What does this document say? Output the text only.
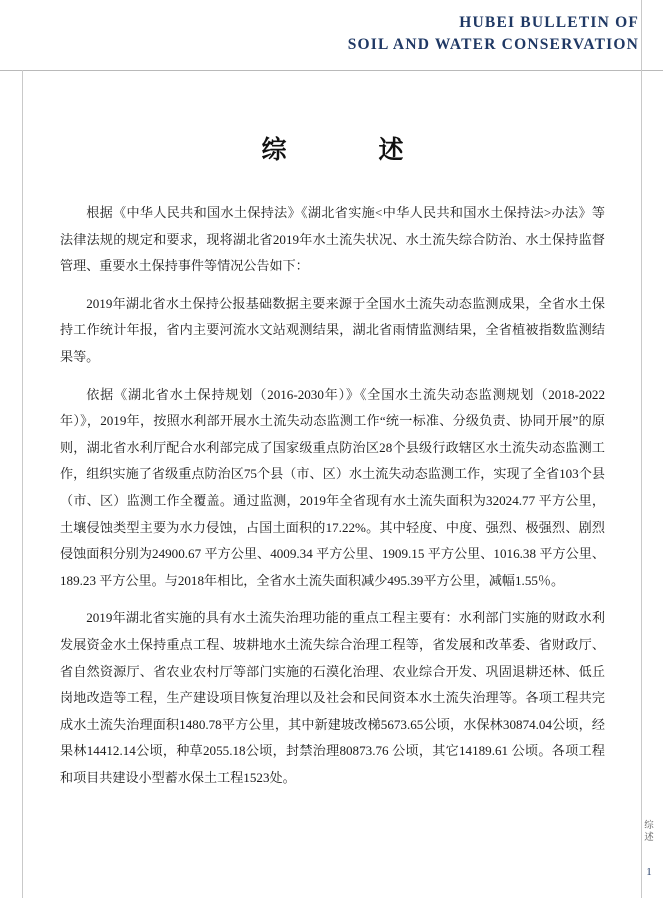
HUBEI BULLETIN OF
SOIL AND WATER CONSERVATION
综　　述

根据《中华人民共和国水土保持法》《湖北省实施<中华人民共和国水土保持法>办法》等法律法规的规定和要求，现将湖北省2019年水土流失状况、水土流失综合防治、水土保持监督管理、重要水土保持事件等情况公告如下：

2019年湖北省水土保持公报基础数据主要来源于全国水土流失动态监测成果，全省水土保持工作统计年报，省内主要河流水文站观测结果，湖北省雨情监测结果，全省植被指数监测结果等。

依据《湖北省水土保持规划（2016-2030年）》《全国水土流失动态监测规划（2018-2022年）》，2019年，按照水利部开展水土流失动态监测工作“统一标准、分级负责、协同开展”的原则，湖北省水利厅配合水利部完成了国家级重点防治区28个县级行政辖区水土流失动态监测工作，组织实施了省级重点防治区75个县（市、区）水土流失动态监测工作，实现了全省103个县（市、区）监测工作全覆盖。通过监测，2019年全省现有水土流失面积为32024.77 平方公里，土壤侵蚀类型主要为水力侵蚀，占国土面积的17.22%。其中轻度、中度、强烈、极强烈、剧烈侵蚀面积分别为24900.67 平方公里、4009.34 平方公里、1909.15 平方公里、1016.38 平方公里、189.23 平方公里。与2018年相比，全省水土流失面积减少495.39平方公里，减幅1.55％。

2019年湖北省实施的具有水土流失治理功能的重点工程主要有：水利部门实施的财政水利发展资金水土保持重点工程、坡耕地水土流失综合治理工程等，省发展和改革委、省财政厅、省自然资源厅、省农业农村厅等部门实施的石漠化治理、农业综合开发、巩固退耕还林、低丘岗地改造等工程，生产建设项目恢复治理以及社会和民间资本水土流失治理等。各项工程共完成水土流失治理面积1480.78平方公里，其中新建坡改梯5673.65公顷，水保林30874.04公顷，经果林14412.14公顷，种草2055.18公顷，封禁治理80873.76 公顷，其它14189.61 公顷。各项工程和项目共建设小型蓄水保土工程1523处。

综述
1
